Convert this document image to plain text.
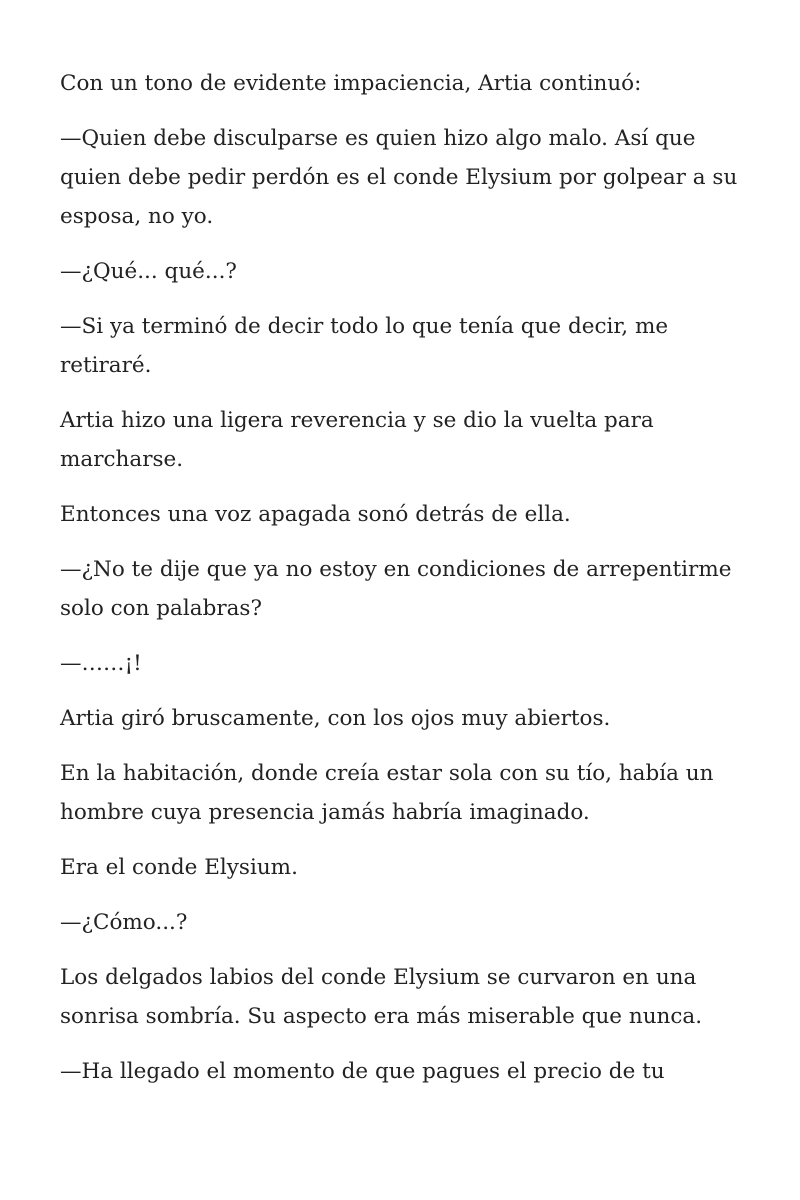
Con un tono de evidente impaciencia, Artia continuó:

—Quien debe disculparse es quien hizo algo malo. Así que quien debe pedir perdón es el conde Elysium por golpear a su esposa, no yo.

—¿Qué... qué...?

—Si ya terminó de decir todo lo que tenía que decir, me retiraré.

Artia hizo una ligera reverencia y se dio la vuelta para marcharse.

Entonces una voz apagada sonó detrás de ella.

—¿No te dije que ya no estoy en condiciones de arrepentirme solo con palabras?

—……¡!

Artia giró bruscamente, con los ojos muy abiertos.

En la habitación, donde creía estar sola con su tío, había un hombre cuya presencia jamás habría imaginado.

Era el conde Elysium.

—¿Cómo...?

Los delgados labios del conde Elysium se curvaron en una sonrisa sombría. Su aspecto era más miserable que nunca.

—Ha llegado el momento de que pagues el precio de tu
